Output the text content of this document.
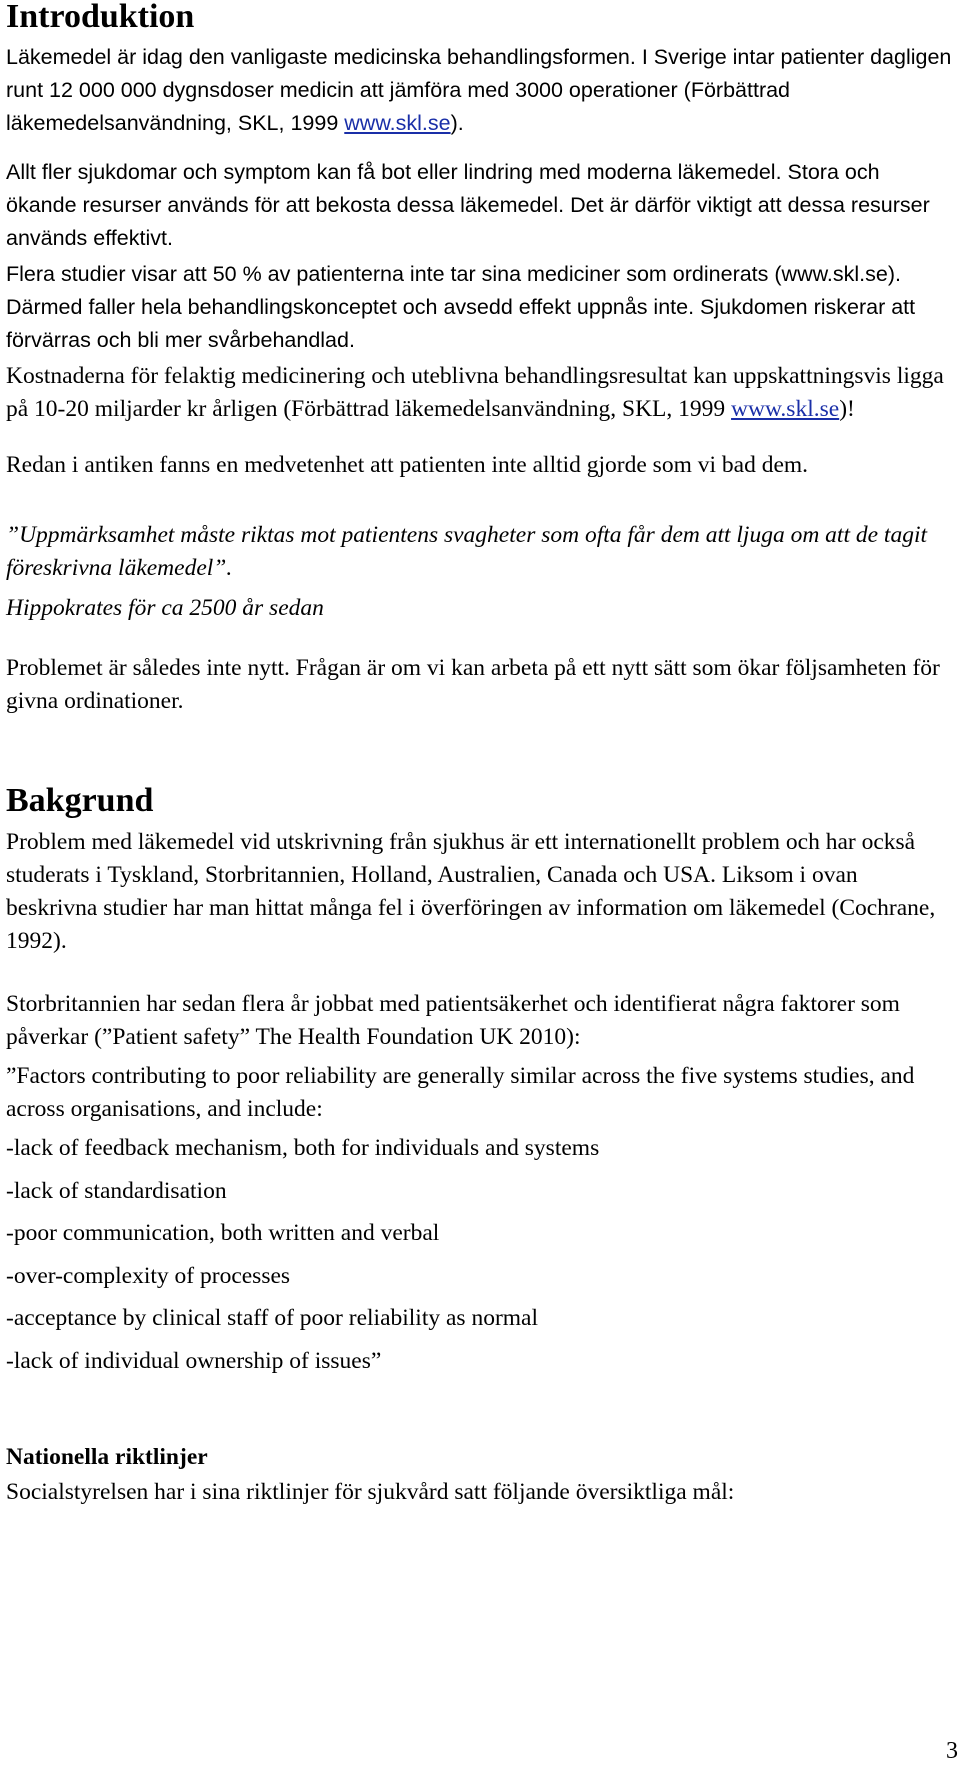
Introduktion

Läkemedel är idag den vanligaste medicinska behandlingsformen. I Sverige intar patienter dagligen runt 12 000 000 dygnsdoser medicin att jämföra med 3000 operationer (Förbättrad läkemedelsanvändning, SKL, 1999 www.skl.se).

Allt fler sjukdomar och symptom kan få bot eller lindring med moderna läkemedel. Stora och ökande resurser används för att bekosta dessa läkemedel. Det är därför viktigt att dessa resurser används effektivt.

Flera studier visar att 50 % av patienterna inte tar sina mediciner som ordinerats (www.skl.se). Därmed faller hela behandlingskonceptet och avsedd effekt uppnås inte. Sjukdomen riskerar att förvärras och bli mer svårbehandlad.

Kostnaderna för felaktig medicinering och uteblivna behandlingsresultat kan uppskattningsvis ligga på 10-20 miljarder kr årligen (Förbättrad läkemedelsanvändning, SKL, 1999 www.skl.se)!

Redan i antiken fanns en medvetenhet att patienten inte alltid gjorde som vi bad dem.

”Uppmärksamhet måste riktas mot patientens svagheter som ofta får dem att ljuga om att de tagit föreskrivna läkemedel”.

Hippokrates för ca 2500 år sedan

Problemet är således inte nytt. Frågan är om vi kan arbeta på ett nytt sätt som ökar följsamheten för givna ordinationer.

Bakgrund

Problem med läkemedel vid utskrivning från sjukhus är ett internationellt problem och har också studerats i Tyskland, Storbritannien, Holland, Australien, Canada och USA. Liksom i ovan beskrivna studier har man hittat många fel i överföringen av information om läkemedel (Cochrane, 1992).

Storbritannien har sedan flera år jobbat med patientsäkerhet och identifierat några faktorer som påverkar (”Patient safety” The Health Foundation UK 2010):

”Factors contributing to poor reliability are generally similar across the five systems studies, and across organisations, and include:

-lack of feedback mechanism, both for individuals and systems

-lack of standardisation

-poor communication, both written and verbal

-over-complexity of processes

-acceptance by clinical staff of poor reliability as normal

-lack of individual ownership of issues”

Nationella riktlinjer

Socialstyrelsen har i sina riktlinjer för sjukvård satt följande översiktliga mål:

3
